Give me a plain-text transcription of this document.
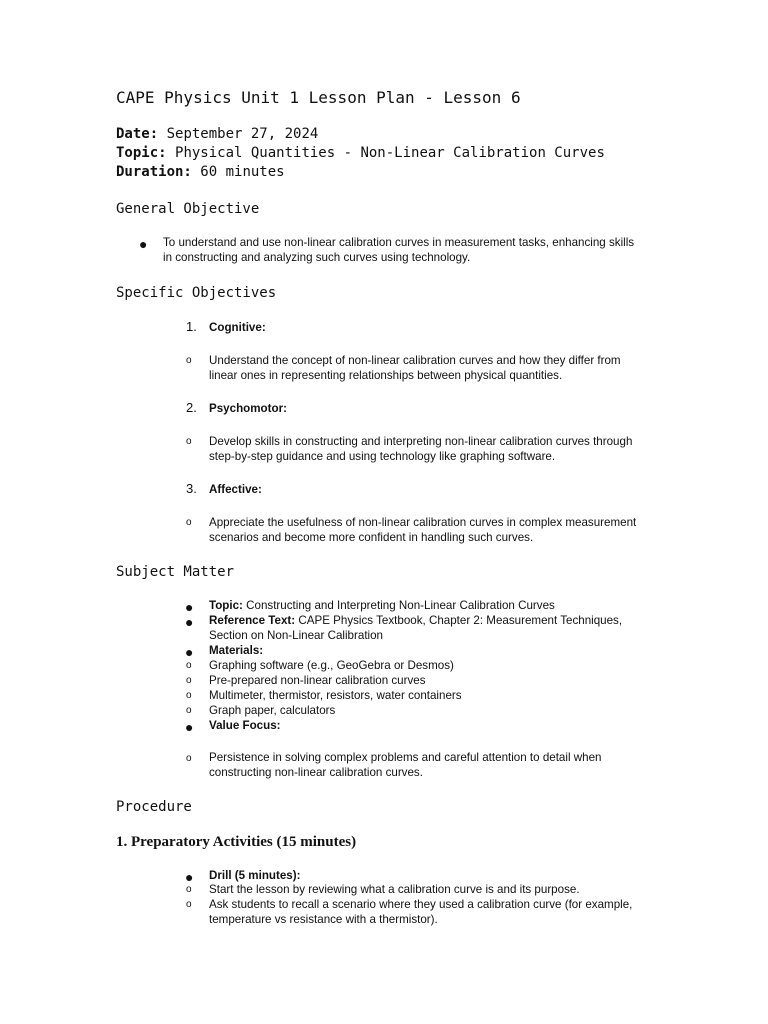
CAPE Physics Unit 1 Lesson Plan - Lesson 6
Date: September 27, 2024
Topic: Physical Quantities - Non-Linear Calibration Curves
Duration: 60 minutes
General Objective
● To understand and use non-linear calibration curves in measurement tasks, enhancing skills
in constructing and analyzing such curves using technology.
Specific Objectives
1. Cognitive:
o Understand the concept of non-linear calibration curves and how they differ from
linear ones in representing relationships between physical quantities.
2. Psychomotor:
o Develop skills in constructing and interpreting non-linear calibration curves through
step-by-step guidance and using technology like graphing software.
3. Affective:
o Appreciate the usefulness of non-linear calibration curves in complex measurement
scenarios and become more confident in handling such curves.
Subject Matter
● Topic: Constructing and Interpreting Non-Linear Calibration Curves
● Reference Text: CAPE Physics Textbook, Chapter 2: Measurement Techniques,
Section on Non-Linear Calibration
● Materials:
o Graphing software (e.g., GeoGebra or Desmos)
o Pre-prepared non-linear calibration curves
o Multimeter, thermistor, resistors, water containers
o Graph paper, calculators
● Value Focus:
o Persistence in solving complex problems and careful attention to detail when
constructing non-linear calibration curves.
Procedure
1. Preparatory Activities (15 minutes)
● Drill (5 minutes):
o Start the lesson by reviewing what a calibration curve is and its purpose.
o Ask students to recall a scenario where they used a calibration curve (for example,
temperature vs resistance with a thermistor).
